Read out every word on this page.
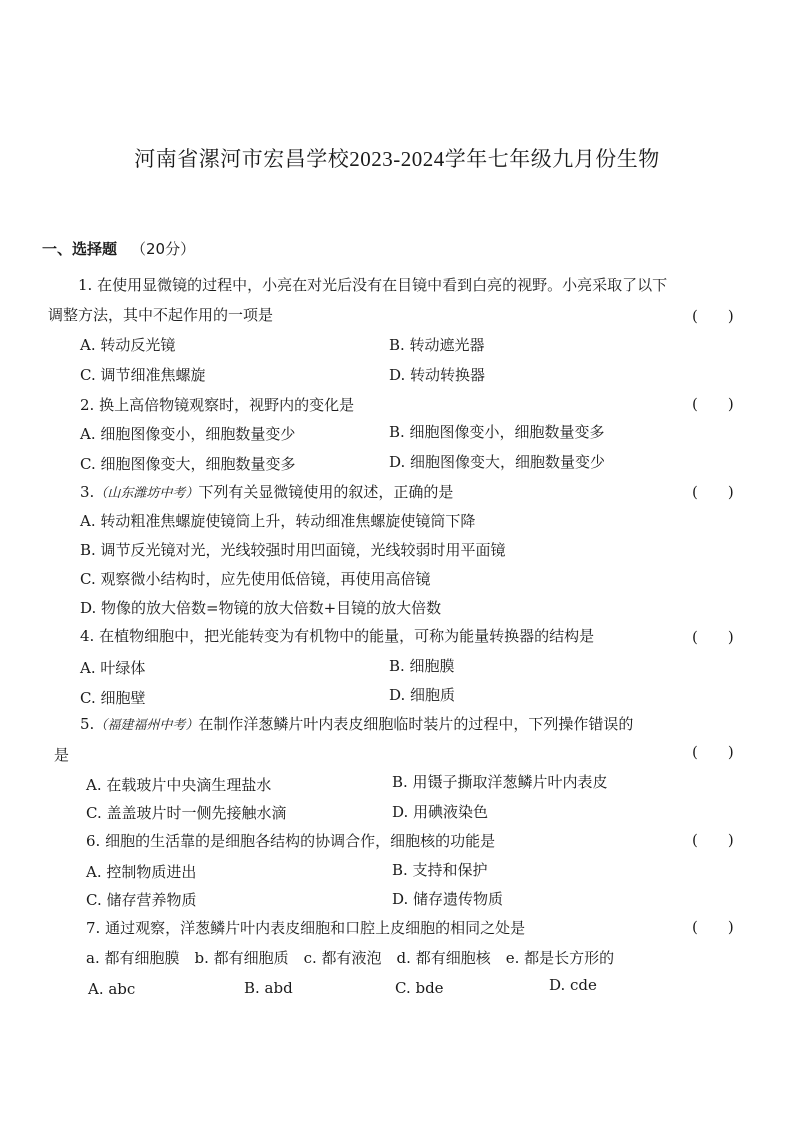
河南省漯河市宏昌学校2023-2024学年七年级九月份生物
一、选择题 （20分）
1. 在使用显微镜的过程中，小亮在对光后没有在目镜中看到白亮的视野。小亮采取了以下
调整方法，其中不起作用的一项是	(　　)
A. 转动反光镜	B. 转动遮光器
C. 调节细准焦螺旋	D. 转动转换器
2. 换上高倍物镜观察时，视野内的变化是	(　　)
A. 细胞图像变小，细胞数量变少	B. 细胞图像变小，细胞数量变多
C. 细胞图像变大，细胞数量变多	D. 细胞图像变大，细胞数量变少
3.（山东潍坊中考）下列有关显微镜使用的叙述，正确的是	(　　)
A. 转动粗准焦螺旋使镜筒上升，转动细准焦螺旋使镜筒下降
B. 调节反光镜对光，光线较强时用凹面镜，光线较弱时用平面镜
C. 观察微小结构时，应先使用低倍镜，再使用高倍镜
D. 物像的放大倍数=物镜的放大倍数+目镜的放大倍数
4. 在植物细胞中，把光能转变为有机物中的能量，可称为能量转换器的结构是	(　　)
A. 叶绿体	B. 细胞膜
C. 细胞壁	D. 细胞质
5.（福建福州中考）在制作洋葱鳞片叶内表皮细胞临时装片的过程中，下列操作错误的
是	(　　)
A. 在载玻片中央滴生理盐水	B. 用镊子撕取洋葱鳞片叶内表皮
C. 盖盖玻片时一侧先接触水滴	D. 用碘液染色
6. 细胞的生活靠的是细胞各结构的协调合作，细胞核的功能是	(　　)
A. 控制物质进出	B. 支持和保护
C. 储存营养物质	D. 储存遗传物质
7. 通过观察，洋葱鳞片叶内表皮细胞和口腔上皮细胞的相同之处是	(　　)
a. 都有细胞膜　b. 都有细胞质　c. 都有液泡　d. 都有细胞核　e. 都是长方形的
A. abc	B. abd	C. bde	D. cde
